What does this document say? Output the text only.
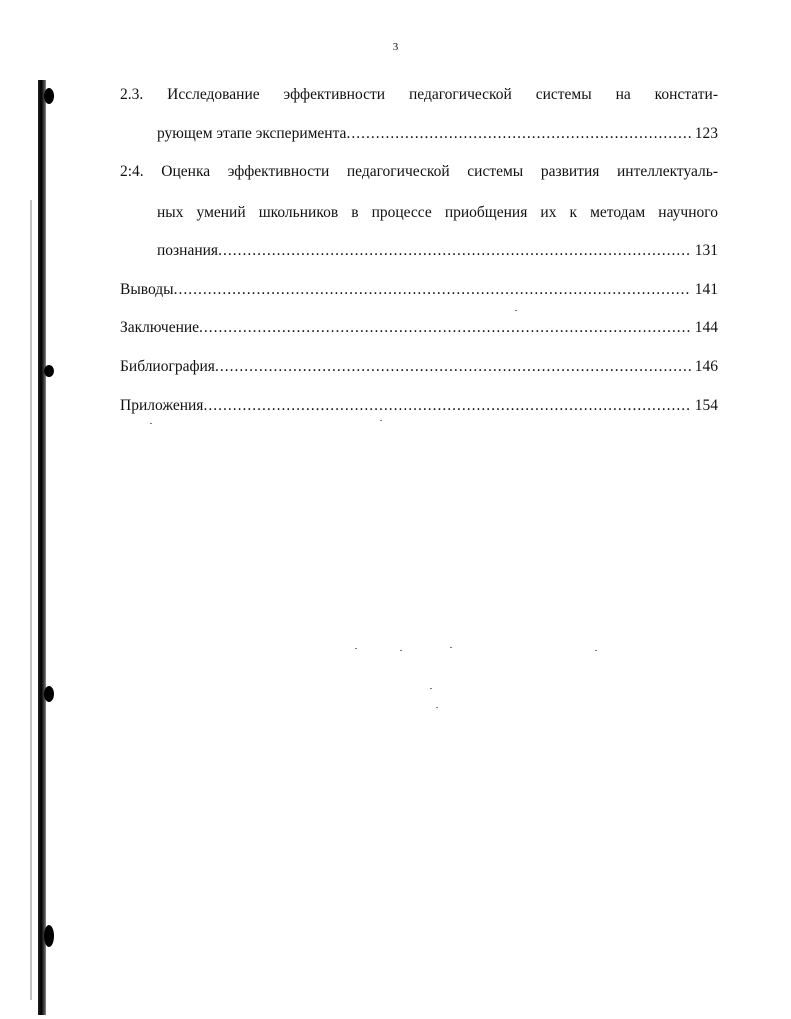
3
2.3. Исследование эффективности педагогической системы на констати-
рующем этапе эксперимента .....	123
2:4. Оценка эффективности педагогической системы развития интеллектуаль-
ных умений школьников в процессе приобщения их к методам научного
познания .....	131
Выводы .....	141
Заключение .....	144
Библиография .....	146
Приложения .....	154
